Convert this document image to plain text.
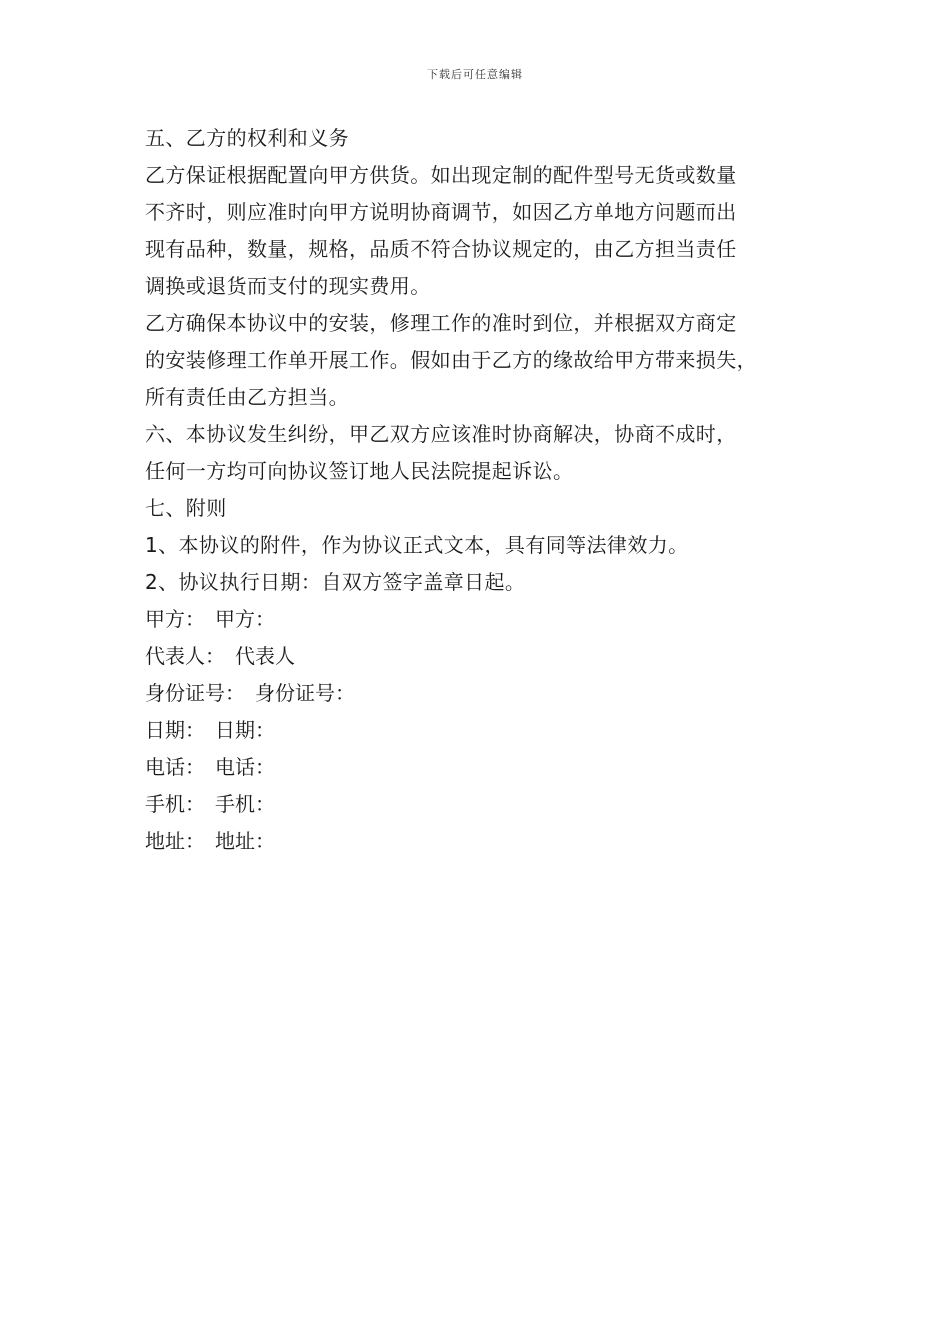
下载后可任意编辑
五、乙方的权利和义务
乙方保证根据配置向甲方供货。如出现定制的配件型号无货或数量
不齐时，则应准时向甲方说明协商调节，如因乙方单地方问题而出
现有品种，数量，规格，品质不符合协议规定的，由乙方担当责任
调换或退货而支付的现实费用。
乙方确保本协议中的安装，修理工作的准时到位，并根据双方商定
的安装修理工作单开展工作。假如由于乙方的缘故给甲方带来损失，
所有责任由乙方担当。
六、本协议发生纠纷，甲乙双方应该准时协商解决，协商不成时，
任何一方均可向协议签订地人民法院提起诉讼。
七、附则
1、本协议的附件，作为协议正式文本，具有同等法律效力。
2、协议执行日期：自双方签字盖章日起。
甲方： 甲方：
代表人： 代表人
身份证号： 身份证号：
日期： 日期：
电话： 电话：
手机： 手机：
地址： 地址：
